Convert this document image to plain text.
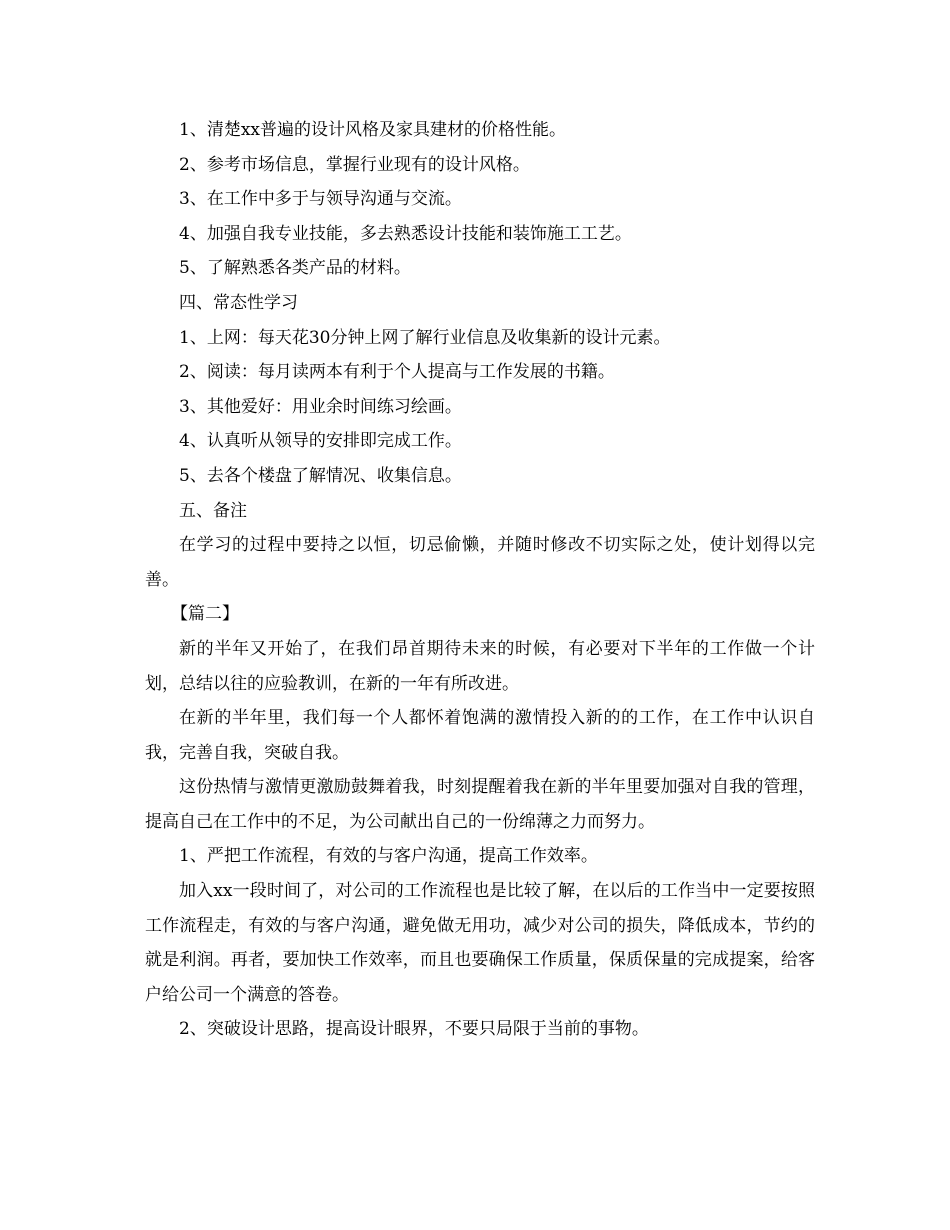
1、清楚xx普遍的设计风格及家具建材的价格性能。

2、参考市场信息，掌握行业现有的设计风格。

3、在工作中多于与领导沟通与交流。

4、加强自我专业技能，多去熟悉设计技能和装饰施工工艺。

5、了解熟悉各类产品的材料。

四、常态性学习

1、上网：每天花30分钟上网了解行业信息及收集新的设计元素。

2、阅读：每月读两本有利于个人提高与工作发展的书籍。

3、其他爱好：用业余时间练习绘画。

4、认真听从领导的安排即完成工作。

5、去各个楼盘了解情况、收集信息。

五、备注

在学习的过程中要持之以恒，切忌偷懒，并随时修改不切实际之处，使计划得以完善。

【篇二】

新的半年又开始了，在我们昂首期待未来的时候，有必要对下半年的工作做一个计划，总结以往的应验教训，在新的一年有所改进。

在新的半年里，我们每一个人都怀着饱满的激情投入新的的工作，在工作中认识自我，完善自我，突破自我。

这份热情与激情更激励鼓舞着我，时刻提醒着我在新的半年里要加强对自我的管理，提高自己在工作中的不足，为公司献出自己的一份绵薄之力而努力。

1、严把工作流程，有效的与客户沟通，提高工作效率。

加入xx一段时间了，对公司的工作流程也是比较了解，在以后的工作当中一定要按照工作流程走，有效的与客户沟通，避免做无用功，减少对公司的损失，降低成本，节约的就是利润。再者，要加快工作效率，而且也要确保工作质量，保质保量的完成提案，给客户给公司一个满意的答卷。

2、突破设计思路，提高设计眼界，不要只局限于当前的事物。
